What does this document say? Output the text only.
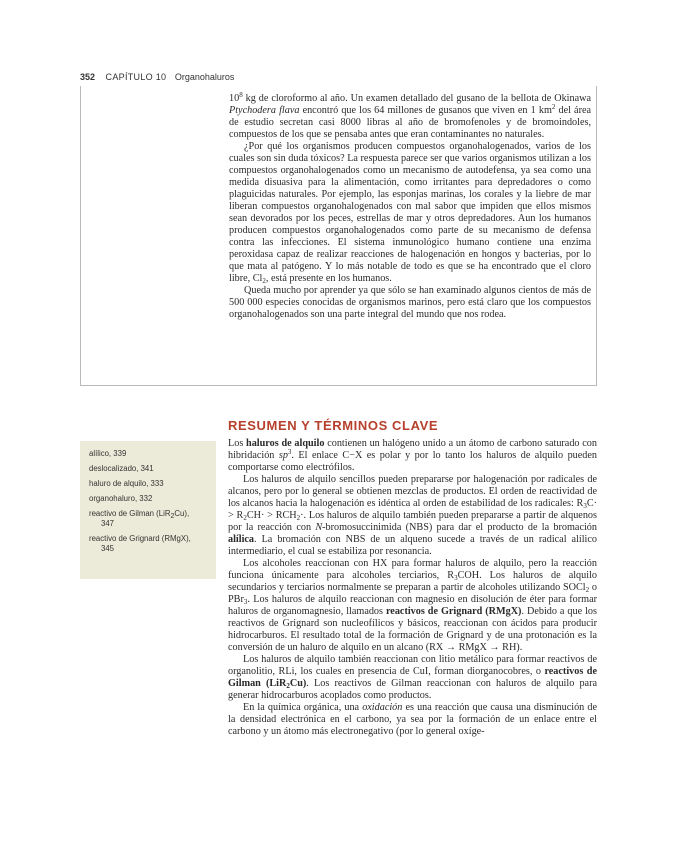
352 CAPÍTULO 10 Organohaluros

$10^8$ kg de cloroformo al año. Un examen detallado del gusano de la bellota de Okinawa Ptychodera flava encontró que los 64 millones de gusanos que viven en 1 $km^2$ del área de estudio secretan casi 8000 libras al año de bromofenoles y de bromoindoles, compuestos de los que se pensaba antes que eran contaminantes no naturales.

¿Por qué los organismos producen compuestos organohalogenados, varios de los cuales son sin duda tóxicos? La respuesta parece ser que varios organismos utilizan a los compuestos organohalogenados como un mecanismo de autodefensa, ya sea como una medida disuasiva para la alimentación, como irritantes para depredadores o como plaguicidas naturales. Por ejemplo, las esponjas marinas, los corales y la liebre de mar liberan compuestos organohalogenados con mal sabor que impiden que ellos mismos sean devorados por los peces, estrellas de mar y otros depredadores. Aun los humanos producen compuestos organohalogenados como parte de su mecanismo de defensa contra las infecciones. El sistema inmunológico humano contiene una enzima peroxidasa capaz de realizar reacciones de halogenación en hongos y bacterias, por lo que mata al patógeno. Y lo más notable de todo es que se ha encontrado que el cloro libre, $Cl_2$, está presente en los humanos.

Queda mucho por aprender ya que sólo se han examinado algunos cientos de más de 500 000 especies conocidas de organismos marinos, pero está claro que los compuestos organohalogenados son una parte integral del mundo que nos rodea.

RESUMEN Y TÉRMINOS CLAVE
alílico, 339
deslocalizado, 341
haluro de alquilo, 333
organohaluro, 332
reactivo de Gilman (LiR$_2$Cu),
347
reactivo de Grignard (RMgX),
345

Los haluros de alquilo contienen un halógeno unido a un átomo de carbono saturado con hibridación $sp^3$. El enlace C−X es polar y por lo tanto los haluros de alquilo pueden comportarse como electrófilos.

Los haluros de alquilo sencillos pueden prepararse por halogenación por radicales de alcanos, pero por lo general se obtienen mezclas de productos. El orden de reactividad de los alcanos hacia la halogenación es idéntica al orden de estabilidad de los radicales: $R_3C\cdot > R_2CH\cdot > RCH_2\cdot$. Los haluros de alquilo también pueden prepararse a partir de alquenos por la reacción con N-bromosuccinimida (NBS) para dar el producto de la bromación alílica. La bromación con NBS de un alqueno sucede a través de un radical alílico intermediario, el cual se estabiliza por resonancia.

Los alcoholes reaccionan con HX para formar haluros de alquilo, pero la reacción funciona únicamente para alcoholes terciarios, $R_3COH$. Los haluros de alquilo secundarios y terciarios normalmente se preparan a partir de alcoholes utilizando SOCl$_2$ o PBr$_3$. Los haluros de alquilo reaccionan con magnesio en disolución de éter para formar haluros de organomagnesio, llamados reactivos de Grignard (RMgX). Debido a que los reactivos de Grignard son nucleofílicos y básicos, reaccionan con ácidos para producir hidrocarburos. El resultado total de la formación de Grignard y de una protonación es la conversión de un haluro de alquilo en un alcano (RX → RMgX → RH).

Los haluros de alquilo también reaccionan con litio metálico para formar reactivos de organolitio, RLi, los cuales en presencia de CuI, forman diorganocobres, o reactivos de Gilman (LiR$_2$Cu). Los reactivos de Gilman reaccionan con haluros de alquilo para generar hidrocarburos acoplados como productos.

En la química orgánica, una oxidación es una reacción que causa una disminución de la densidad electrónica en el carbono, ya sea por la formación de un enlace entre el carbono y un átomo más electronegativo (por lo general oxíge-
